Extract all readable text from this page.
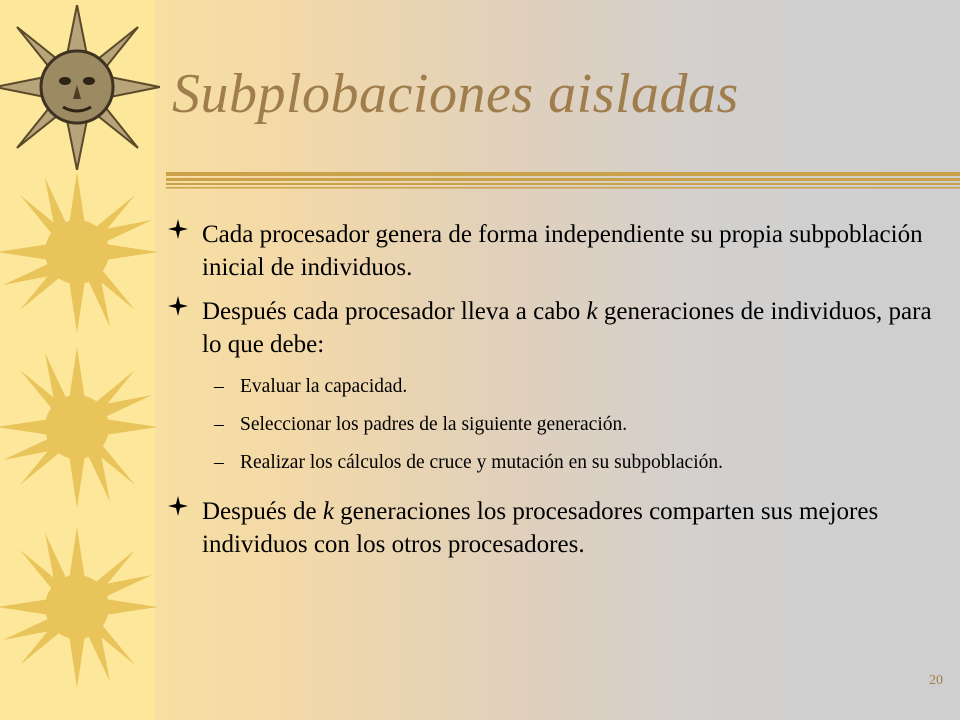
Subplobaciones aisladas
Cada procesador genera de forma independiente su propia subpoblación inicial de individuos.
Después cada procesador lleva a cabo k generaciones de individuos, para lo que debe:
– Evaluar la capacidad.
– Seleccionar los padres de la siguiente generación.
– Realizar los cálculos de cruce y mutación en su subpoblación.
Después de k generaciones los procesadores comparten sus mejores individuos con los otros procesadores.
20
